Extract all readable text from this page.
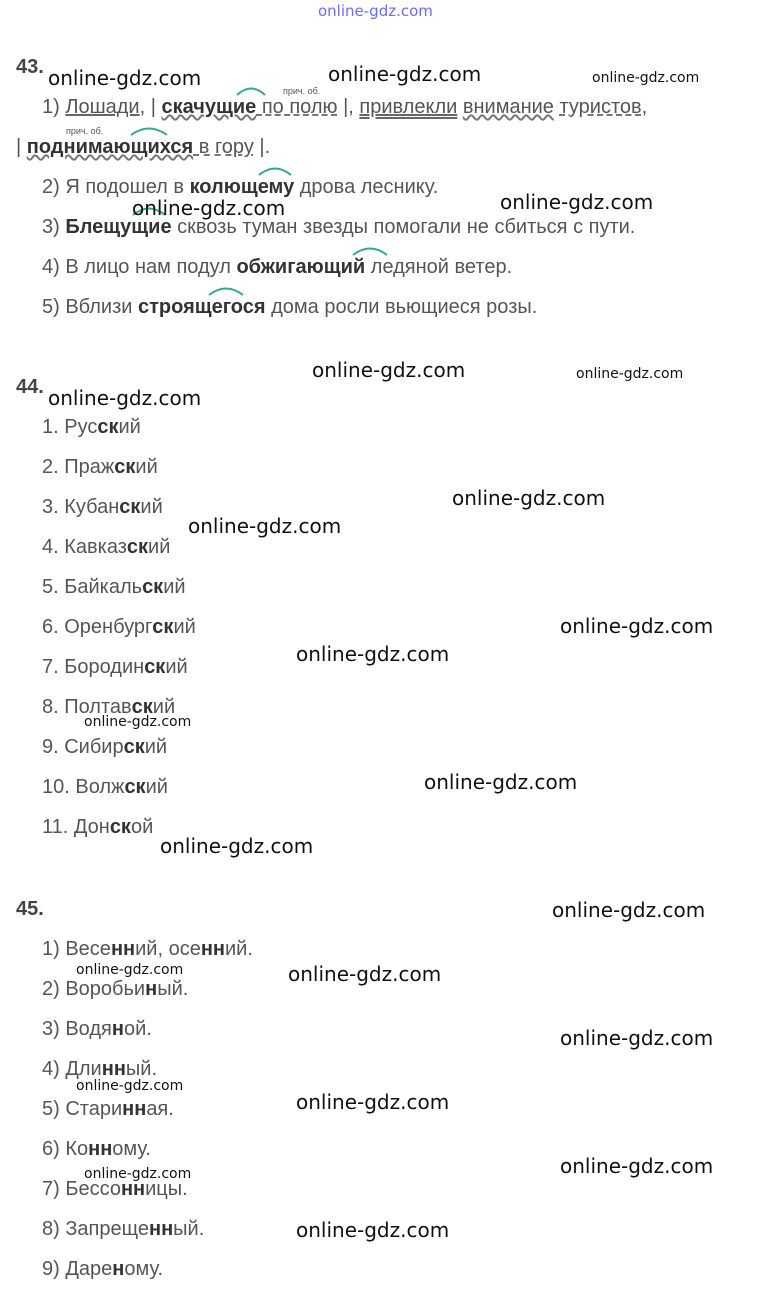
online-gdz.com
43.
прич. об.
прич. об.
1) Лошади, | скачущие по полю |, привлекли внимание туристов,
| поднимающихся в гору |.
2) Я подошел в колющему дрова леснику.
3) Блещущие сквозь туман звезды помогали не сбиться с пути.
4) В лицо нам подул обжигающий ледяной ветер.
5) Вблизи строящегося дома росли вьющиеся розы.
44.
1. Русский
2. Пражский
3. Кубанский
4. Кавказский
5. Байкальский
6. Оренбургский
7. Бородинский
8. Полтавский
9. Сибирский
10. Волжский
11. Донской
45.
1) Весенний, осенний.
2) Воробьиный.
3) Водяной.
4) Длинный.
5) Старинная.
6) Конному.
7) Бессонницы.
8) Запрещенный.
9) Дареному.
online-gdz.com	online-gdz.com	online-gdz.com
online-gdz.com	online-gdz.com
online-gdz.com	online-gdz.com
online-gdz.com
online-gdz.com
online-gdz.com
online-gdz.com
online-gdz.com
online-gdz.com
online-gdz.com
online-gdz.com
online-gdz.com
online-gdz.com	online-gdz.com
online-gdz.com
online-gdz.com
online-gdz.com
online-gdz.com
online-gdz.com
online-gdz.com
